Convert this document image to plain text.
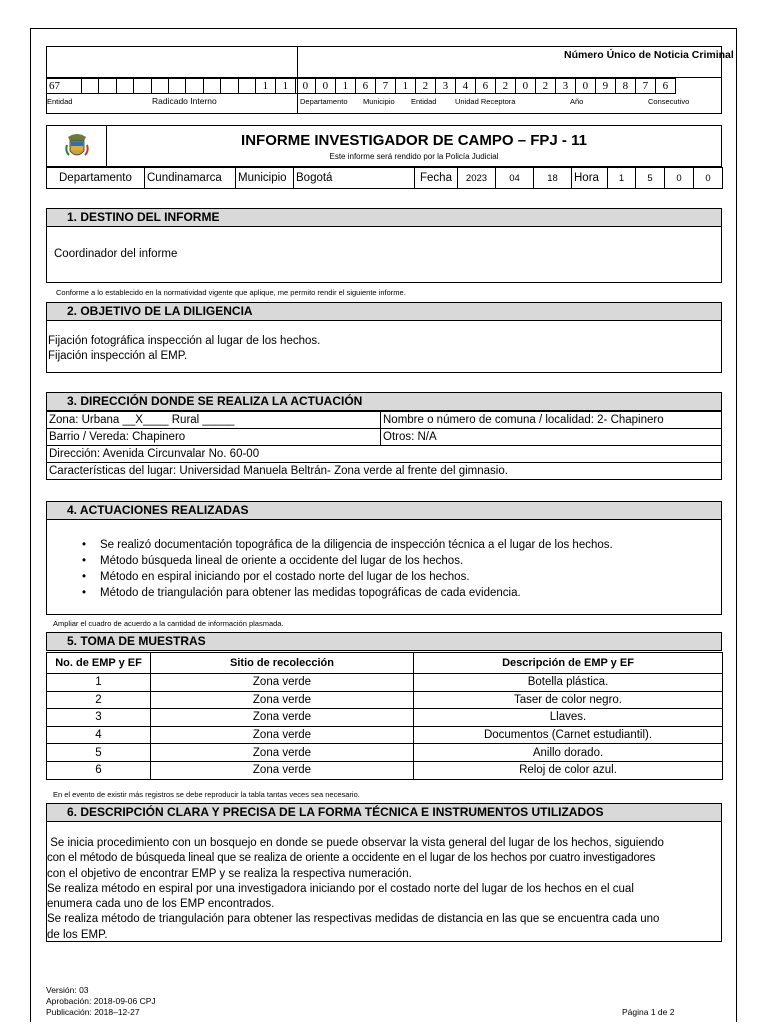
Número Único de Noticia Criminal
67											1	1	0	0	1	6	7	1	2	3	4	6	2	0	2	3	0	9	8	7	6
Entidad	Radicado Interno	Departamento Municipio Entidad Unidad Receptora	Año	Consecutivo
INFORME INVESTIGADOR DE CAMPO – FPJ - 11
Este informe será rendido por la Policía Judicial
Departamento	Cundinamarca	Municipio	Bogotá	Fecha	2023	04	18	Hora	1	5	0	0
1. DESTINO DEL INFORME
Coordinador del informe
Conforme a lo establecido en la normatividad vigente que aplique, me permito rendir el siguiente informe.
2. OBJETIVO DE LA DILIGENCIA
Fijación fotográfica inspección al lugar de los hechos.
Fijación inspección al EMP.
3. DIRECCIÓN DONDE SE REALIZA LA ACTUACIÓN
Zona: Urbana __X____ Rural _____	Nombre o número de comuna / localidad: 2- Chapinero
Barrio / Vereda: Chapinero	Otros: N/A
Dirección: Avenida Circunvalar No. 60-00	
Características del lugar: Universidad Manuela Beltrán- Zona verde al frente del gimnasio.	
4. ACTUACIONES REALIZADAS
• Se realizó documentación topográfica de la diligencia de inspección técnica a el lugar de los hechos.
• Método búsqueda lineal de oriente a occidente del lugar de los hechos.
• Método en espiral iniciando por el costado norte del lugar de los hechos.
• Método de triangulación para obtener las medidas topográficas de cada evidencia.
Ampliar el cuadro de acuerdo a la cantidad de información plasmada.
5. TOMA DE MUESTRAS
No. de EMP y EF	Sitio de recolección	Descripción de EMP y EF
1	Zona verde	Botella plástica.
2	Zona verde	Taser de color negro.
3	Zona verde	Llaves.
4	Zona verde	Documentos (Carnet estudiantil).
5	Zona verde	Anillo dorado.
6	Zona verde	Reloj de color azul.
En el evento de existir más registros se debe reproducir la tabla tantas veces sea necesario.
6. DESCRIPCIÓN CLARA Y PRECISA DE LA FORMA TÉCNICA E INSTRUMENTOS UTILIZADOS
Se inicia procedimiento con un bosquejo en donde se puede observar la vista general del lugar de los hechos, siguiendo
con el método de búsqueda lineal que se realiza de oriente a occidente en el lugar de los hechos por cuatro investigadores
con el objetivo de encontrar EMP y se realiza la respectiva numeración.
Se realiza método en espiral por una investigadora iniciando por el costado norte del lugar de los hechos en el cual
enumera cada uno de los EMP encontrados.
Se realiza método de triangulación para obtener las respectivas medidas de distancia en las que se encuentra cada uno
de los EMP.
Versión: 03
Aprobación: 2018-09-06 CPJ
Publicación: 2018–12-27	Página 1 de 2
